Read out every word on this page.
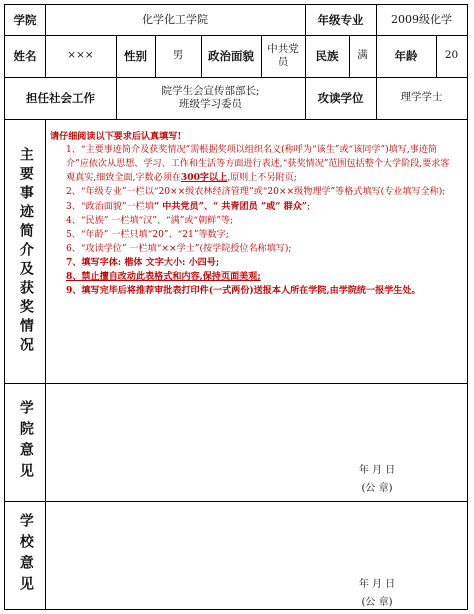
学院	化学化工学院	年级专业	2009级化学
姓名	×××	性别	男	政治面貌	中共党员	民族	满	年龄	20
担任社会工作	院学生会宣传部部长;
班级学习委员	攻读学位	理学学士
主要事迹简介及获奖情况
学院意见	年 月 日
(公 章)
学校意见	年 月 日
(公 章)

请仔细阅读以下要求后认真填写!

1、“主要事迹简介及获奖情况”需根据奖项以组织名义(称呼为“该生”或“该同学”)填写,事迹简介”应依次从思想、学习、工作和生活等方面进行表述,“获奖情况”范围包括整个大学阶段,要求客观真实,细致全面,字数必须在300字以上,原则上不另附页;

2、“年级专业”一栏以“20××级农林经济管理”或“20××级物理学”等格式填写(专业填写全称);

3、“政治面貌”一栏填“ 中共党员”、“ 共青团员 ”或“ 群众”;

4、“民族” 一栏填“汉”、“满”或“朝鲜”等;

5、“年龄” 一栏只填“20”、“21”等数字;

6、“攻读学位” 一栏填“××学士”(按学院授位名称填写);

7、填写字体: 楷体 文字大小: 小四号;

8、禁止擅自改动此表格式和内容,保持页面美观;

9、填写完毕后将推荐审批表打印件(一式两份)送报本人所在学院,由学院统一报学生处。
